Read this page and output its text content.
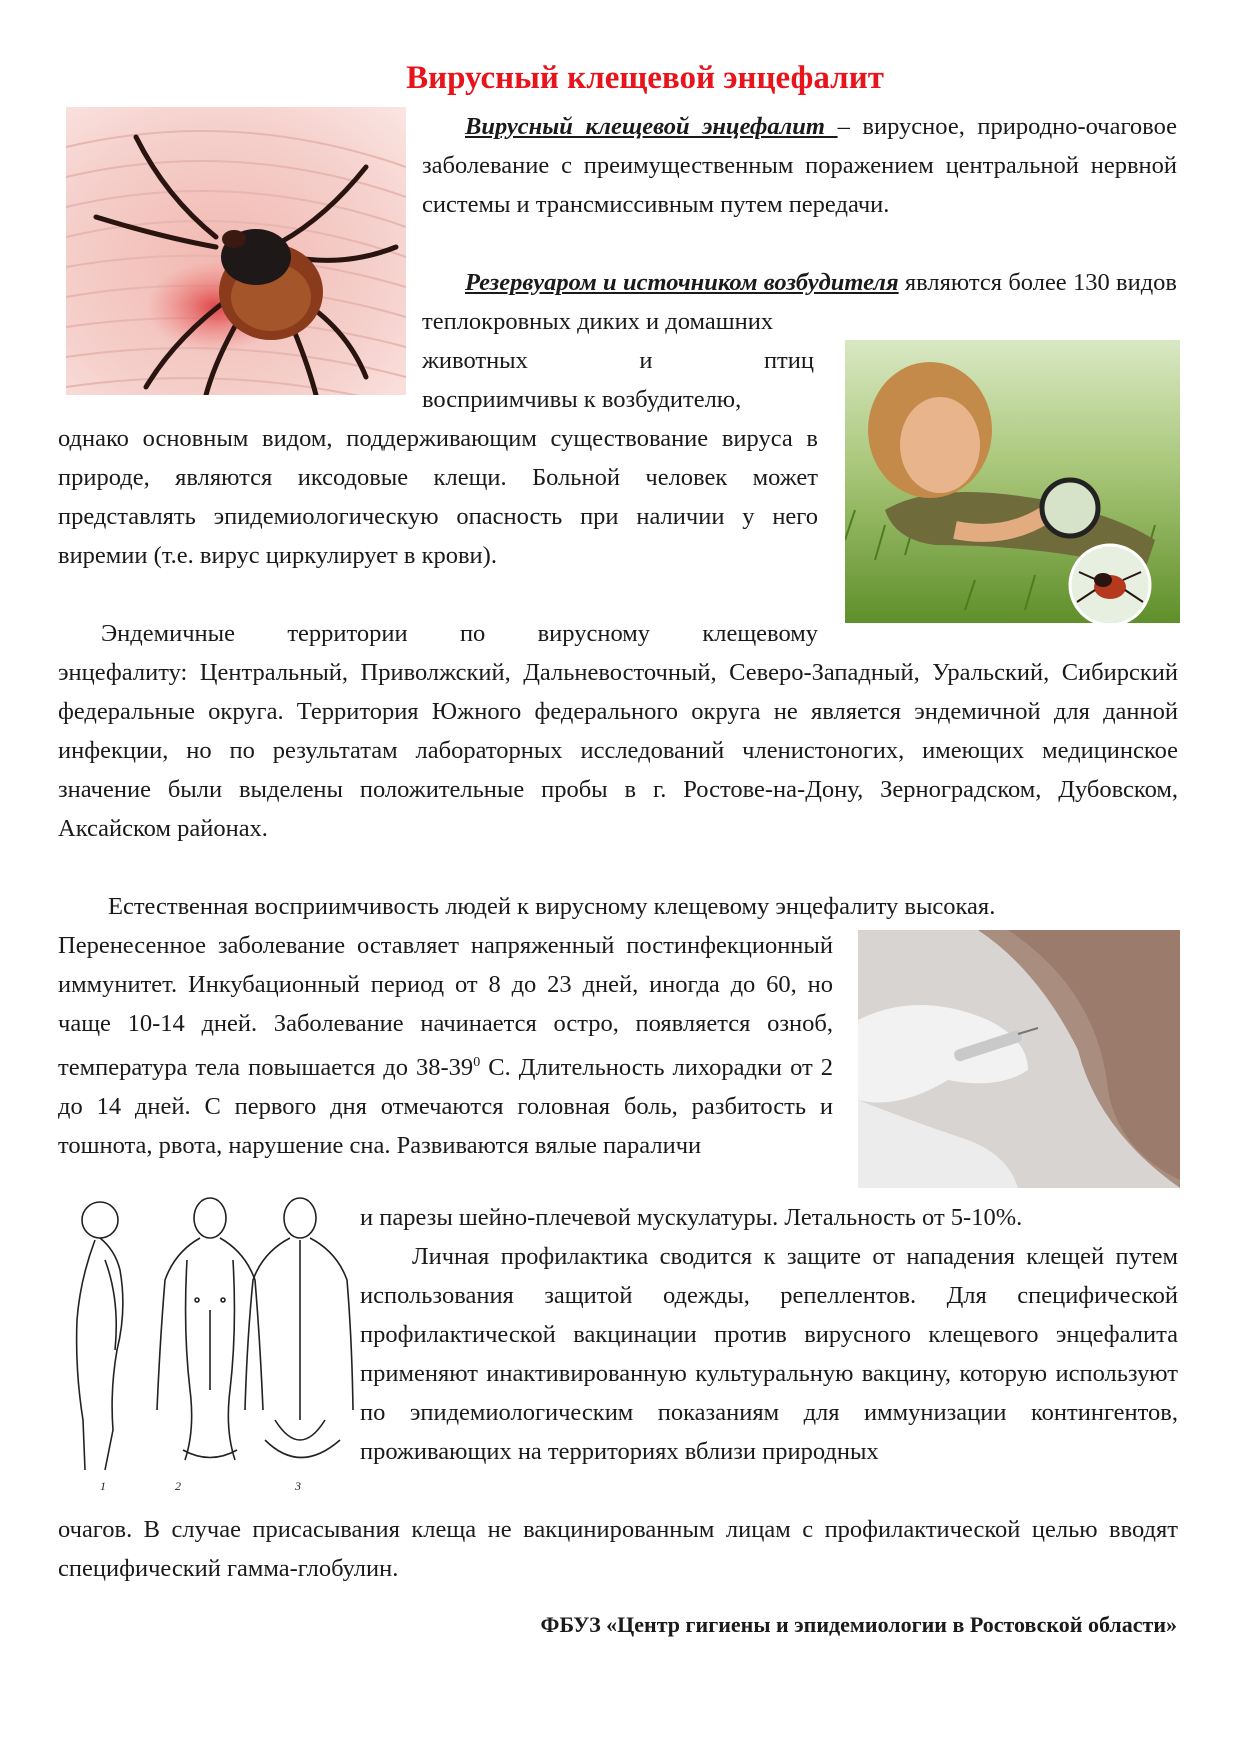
Вирусный клещевой энцефалит
1	2	3

Вирусный клещевой энцефалит – вирусное, природно-очаговое заболевание с преимущественным поражением центральной нервной системы и трансмиссивным путем передачи.

Резервуаром и источником возбудителя являются более 130 видов теплокровных диких и домашних

животных и птиц

восприимчивы к возбудителю,

однако основным видом, поддерживающим существование вируса в природе, являются иксодовые клещи. Больной человек может представлять эпидемиологическую опасность при наличии у него виремии (т.е. вирус циркулирует в крови).

Эндемичные территории по вирусному клещевому

энцефалиту: Центральный, Приволжский, Дальневосточный, Северо-Западный, Уральский, Сибирский федеральные округа. Территория Южного федерального округа не является эндемичной для данной инфекции, но по результатам лабораторных исследований членистоногих, имеющих медицинское значение были выделены положительные пробы в г. Ростове-на-Дону, Зерноградском, Дубовском, Аксайском районах.

Естественная восприимчивость людей к вирусному клещевому энцефалиту высокая.

Перенесенное заболевание оставляет напряженный постинфекционный иммунитет. Инкубационный период от 8 до 23 дней, иногда до 60, но чаще 10-14 дней. Заболевание начинается остро, появляется озноб, температура тела повышается до $38-39^0$ С. Длительность лихорадки от 2 до 14 дней. С первого дня отмечаются головная боль, разбитость и тошнота, рвота, нарушение сна. Развиваются вялые параличи

и парезы шейно-плечевой мускулатуры. Летальность от 5-10%.

Личная профилактика сводится к защите от нападения клещей путем использования защитой одежды, репеллентов. Для специфической профилактической вакцинации против вирусного клещевого энцефалита применяют инактивированную культуральную вакцину, которую используют по эпидемиологическим показаниям для иммунизации контингентов, проживающих на территориях вблизи природных

очагов. В случае присасывания клеща не вакцинированным лицам с профилактической целью вводят специфический гамма-глобулин.

ФБУЗ «Центр гигиены и эпидемиологии в Ростовской области»
